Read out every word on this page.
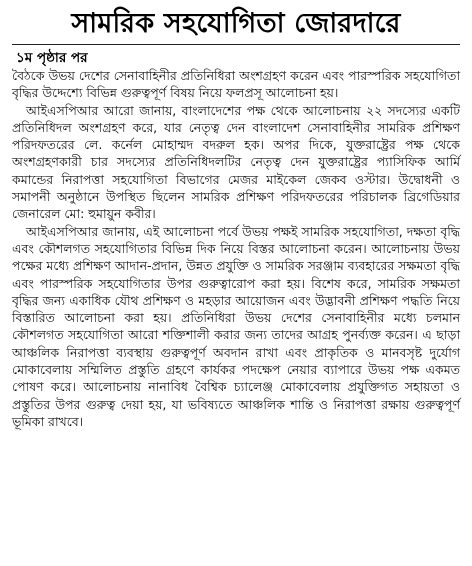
সামরিক সহযোগিতা জোরদারে
১ম পৃষ্ঠার পর

বৈঠকে উভয় দেশের সেনাবাহিনীর প্রতিনিধিরা অংশগ্রহণ করেন এবং পারস্পরিক সহযোগিতা বৃদ্ধির উদ্দেশ্যে বিভিন্ন গুরুত্বপূর্ণ বিষয় নিয়ে ফলপ্রসূ আলোচনা হয়।

আইএসপিআর আরো জানায়, বাংলাদেশের পক্ষ থেকে আলোচনায় ২২ সদস্যের একটি প্রতিনিধিদল অংশগ্রহণ করে, যার নেতৃত্ব দেন বাংলাদেশ সেনাবাহিনীর সামরিক প্রশিক্ষণ পরিদফতরের লে. কর্নেল মোহাম্মদ বদরুল হক। অপর দিকে, যুক্তরাষ্ট্রের পক্ষ থেকে অংশগ্রহণকারী চার সদস্যের প্রতিনিধিদলটির নেতৃত্ব দেন যুক্তরাষ্ট্রের প্যাসিফিক আর্মি কমান্ডের নিরাপত্তা সহযোগিতা বিভাগের মেজর মাইকেল জেকব ওস্টার। উদ্বোধনী ও সমাপনী অনুষ্ঠানে উপস্থিত ছিলেন সামরিক প্রশিক্ষণ পরিদফতরের পরিচালক ব্রিগেডিয়ার জেনারেল মো: হুমায়ুন কবীর।

আইএসপিআর জানায়, এই আলোচনা পর্বে উভয় পক্ষই সামরিক সহযোগিতা, দক্ষতা বৃদ্ধি এবং কৌশলগত সহযোগিতার বিভিন্ন দিক নিয়ে বিস্তর আলোচনা করেন। আলোচনায় উভয় পক্ষের মধ্যে প্রশিক্ষণ আদান-প্রদান, উন্নত প্রযুক্তি ও সামরিক সরঞ্জাম ব্যবহারের সক্ষমতা বৃদ্ধি এবং পারস্পরিক সহযোগিতার উপর গুরুত্বারোপ করা হয়। বিশেষ করে, সামরিক সক্ষমতা বৃদ্ধির জন্য একাধিক যৌথ প্রশিক্ষণ ও মহড়ার আয়োজন এবং উদ্ভাবনী প্রশিক্ষণ পদ্ধতি নিয়ে বিস্তারিত আলোচনা করা হয়। প্রতিনিধিরা উভয় দেশের সেনাবাহিনীর মধ্যে চলমান কৌশলগত সহযোগিতা আরো শক্তিশালী করার জন্য তাদের আগ্রহ পুনর্ব্যক্ত করেন। এ ছাড়া আঞ্চলিক নিরাপত্তা ব্যবস্থায় গুরুত্বপূর্ণ অবদান রাখা এবং প্রাকৃতিক ও মানবসৃষ্ট দুর্যোগ মোকাবেলায় সম্মিলিত প্রস্তুতি গ্রহণে কার্যকর পদক্ষেপ নেয়ার ব্যাপারে উভয় পক্ষ একমত পোষণ করে। আলোচনায় নানাবিধ বৈশ্বিক চ্যালেঞ্জ মোকাবেলায় প্রযুক্তিগত সহায়তা ও প্রস্তুতির উপর গুরুত্ব দেয়া হয়, যা ভবিষ্যতে আঞ্চলিক শান্তি ও নিরাপত্তা রক্ষায় গুরুত্বপূর্ণ ভূমিকা রাখবে।
